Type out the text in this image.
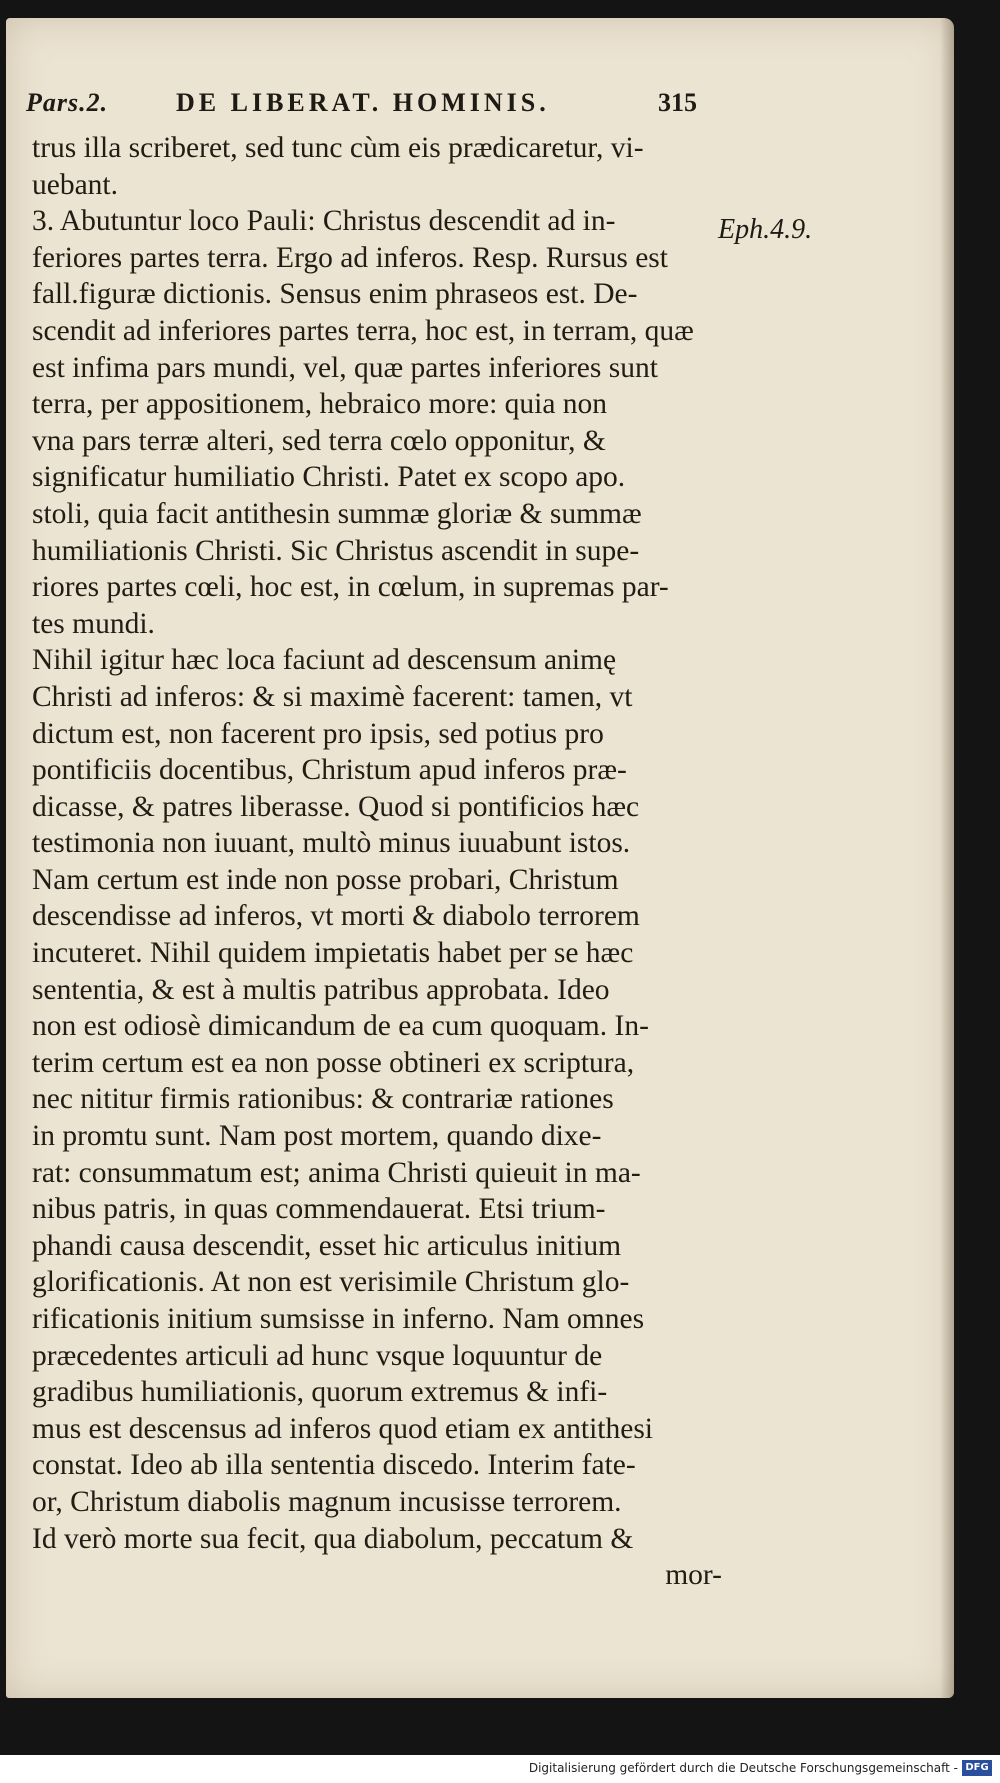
Pars.2.	DE LIBERAT. HOMINIS.	315
Eph.4.9.
trus illa scriberet, sed tunc cùm eis prædicaretur, vi-
uebant.
3. Abutuntur loco Pauli: Christus descendit ad in-
feriores partes terra. Ergo ad inferos. Resp. Rursus est
fall.figuræ dictionis. Sensus enim phraseos est. De-
scendit ad inferiores partes terra, hoc est, in terram, quæ
est infima pars mundi, vel, quæ partes inferiores sunt
terra, per appositionem, hebraico more: quia non
vna pars terræ alteri, sed terra cœlo opponitur, &
significatur humiliatio Christi. Patet ex scopo apo.
stoli, quia facit antithesin summæ gloriæ & summæ
humiliationis Christi. Sic Christus ascendit in supe-
riores partes cœli, hoc est, in cœlum, in supremas par-
tes mundi.
Nihil igitur hæc loca faciunt ad descensum animę
Christi ad inferos: & si maximè facerent: tamen, vt
dictum est, non facerent pro ipsis, sed potius pro
pontificiis docentibus, Christum apud inferos præ-
dicasse, & patres liberasse. Quod si pontificios hæc
testimonia non iuuant, multò minus iuuabunt istos.
Nam certum est inde non posse probari, Christum
descendisse ad inferos, vt morti & diabolo terrorem
incuteret. Nihil quidem impietatis habet per se hæc
sententia, & est à multis patribus approbata. Ideo
non est odiosè dimicandum de ea cum quoquam. In-
terim certum est ea non posse obtineri ex scriptura,
nec nititur firmis rationibus: & contrariæ rationes
in promtu sunt. Nam post mortem, quando dixe-
rat: consummatum est; anima Christi quieuit in ma-
nibus patris, in quas commendauerat. Etsi trium-
phandi causa descendit, esset hic articulus initium
glorificationis. At non est verisimile Christum glo-
rificationis initium sumsisse in inferno. Nam omnes
præcedentes articuli ad hunc vsque loquuntur de
gradibus humiliationis, quorum extremus & infi-
mus est descensus ad inferos quod etiam ex antithesi
constat. Ideo ab illa sententia discedo. Interim fate-
or, Christum diabolis magnum incusisse terrorem.
Id verò morte sua fecit, qua diabolum, peccatum &
mor-
Digitalisierung gefördert durch die Deutsche Forschungsgemeinschaft - DFG
